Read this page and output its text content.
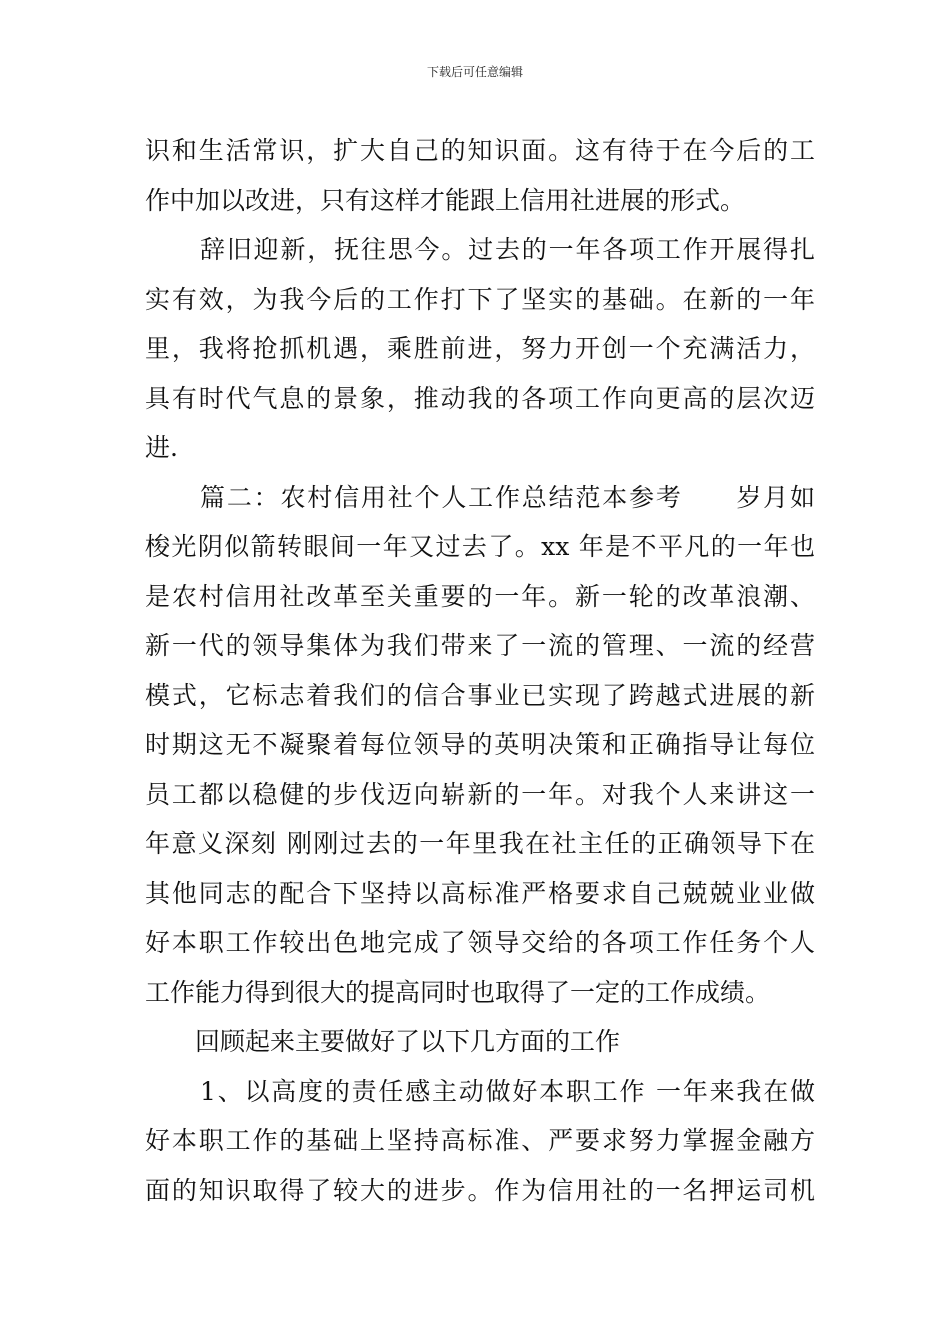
下载后可任意编辑
识和生活常识，扩大自己的知识面。这有待于在今后的工
作中加以改进，只有这样才能跟上信用社进展的形式。
辞旧迎新，抚往思今。过去的一年各项工作开展得扎
实有效，为我今后的工作打下了坚实的基础。在新的一年
里，我将抢抓机遇，乘胜前进，努力开创一个充满活力，
具有时代气息的景象，推动我的各项工作向更高的层次迈
进.
篇二：农村信用社个人工作总结范本参考　　岁月如
梭光阴似箭转眼间一年又过去了。xx 年是不平凡的一年也
是农村信用社改革至关重要的一年。新一轮的改革浪潮、
新一代的领导集体为我们带来了一流的管理、一流的经营
模式，它标志着我们的信合事业已实现了跨越式进展的新
时期这无不凝聚着每位领导的英明决策和正确指导让每位
员工都以稳健的步伐迈向崭新的一年。对我个人来讲这一
年意义深刻 刚刚过去的一年里我在社主任的正确领导下在
其他同志的配合下坚持以高标准严格要求自己兢兢业业做
好本职工作较出色地完成了领导交给的各项工作任务个人
工作能力得到很大的提高同时也取得了一定的工作成绩。
回顾起来主要做好了以下几方面的工作
1、以高度的责任感主动做好本职工作 一年来我在做
好本职工作的基础上坚持高标准、严要求努力掌握金融方
面的知识取得了较大的进步。作为信用社的一名押运司机
